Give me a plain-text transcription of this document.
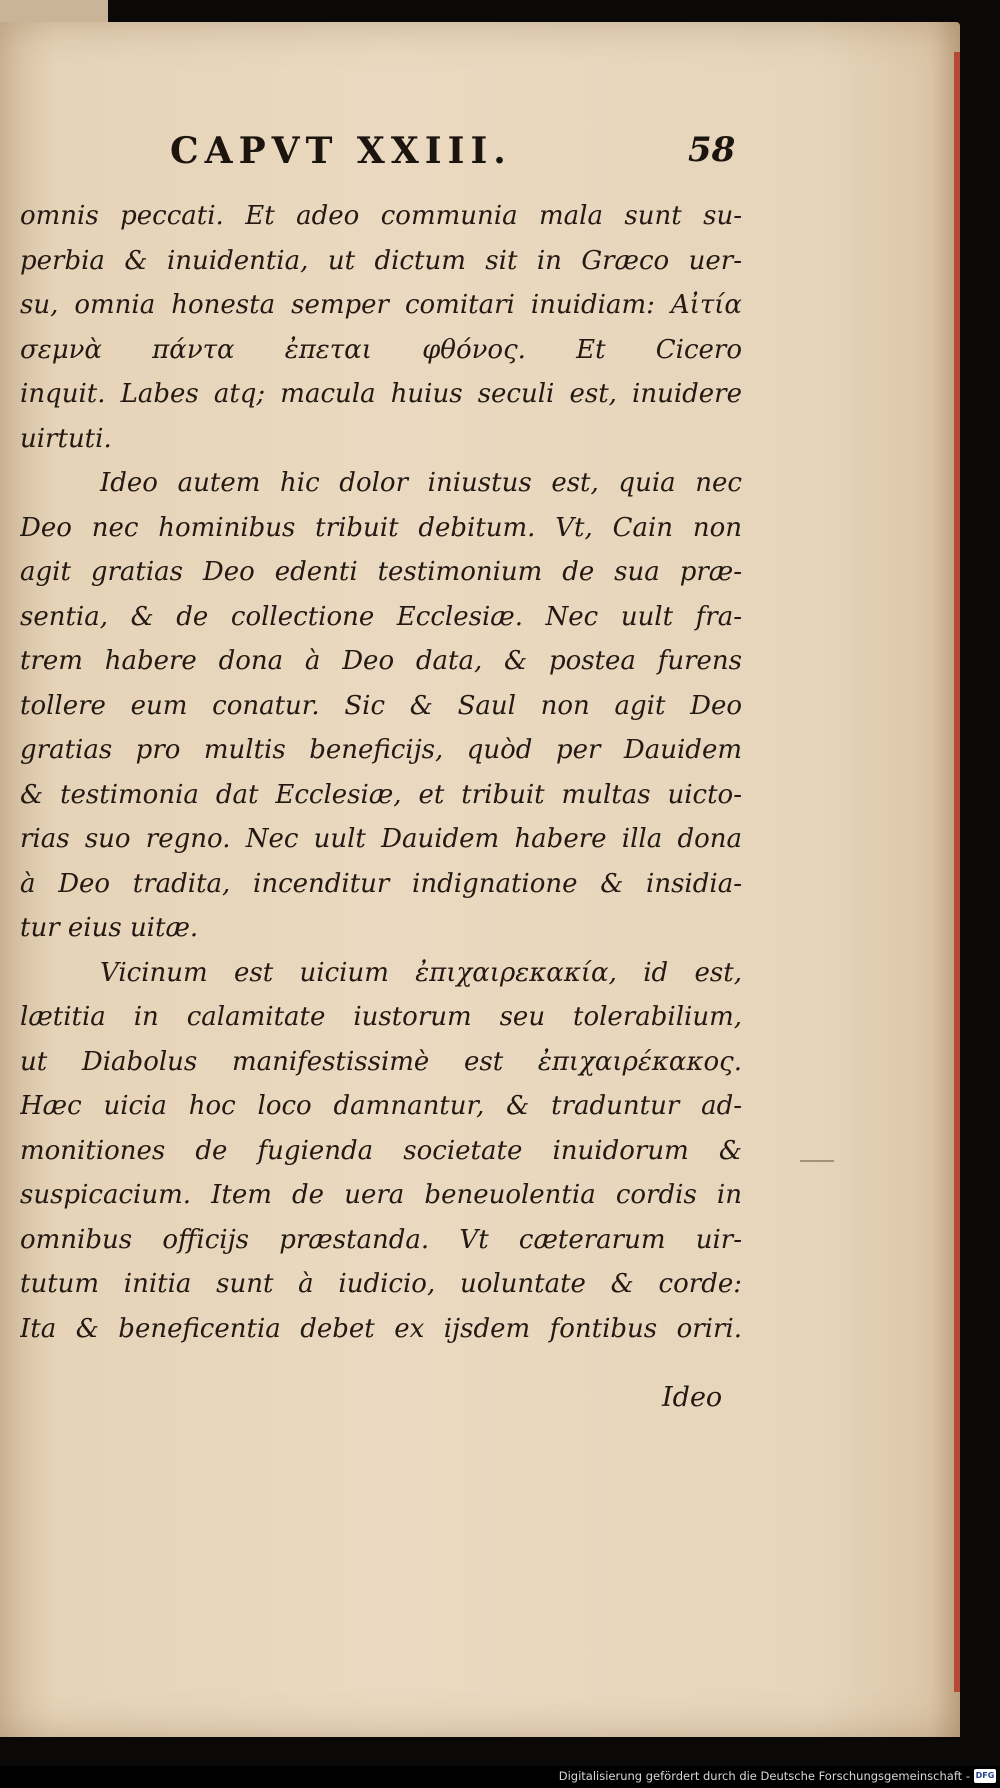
CAPVT XXIII.	58
omnis peccati. Et adeo communia mala sunt su-
perbia & inuidentia, ut dictum sit in Græco uer-
su, omnia honesta semper comitari inuidiam: Αἰτία
σεμνὰ πάντα ἐπεται φθόνος. Et Cicero
inquit. Labes atq; macula huius seculi est, inuidere
uirtuti.
Ideo autem hic dolor iniustus est, quia nec
Deo nec hominibus tribuit debitum. Vt, Cain non
agit gratias Deo edenti testimonium de sua præ-
sentia, & de collectione Ecclesiæ. Nec uult fra-
trem habere dona à Deo data, & postea furens
tollere eum conatur. Sic & Saul non agit Deo
gratias pro multis beneficijs, quòd per Dauidem
& testimonia dat Ecclesiæ, et tribuit multas uicto-
rias suo regno. Nec uult Dauidem habere illa dona
à Deo tradita, incenditur indignatione & insidia-
tur eius uitæ.
Vicinum est uicium ἐπιχαιρεκακία, id est,
lætitia in calamitate iustorum seu tolerabilium,
ut Diabolus manifestissimè est ἐπιχαιρέκακος.
Hæc uicia hoc loco damnantur, & traduntur ad-
monitiones de fugienda societate inuidorum &
suspicacium. Item de uera beneuolentia cordis in
omnibus officijs præstanda. Vt cæterarum uir-
tutum initia sunt à iudicio, uoluntate & corde:
Ita & beneficentia debet ex ijsdem fontibus oriri.
Ideo
Digitalisierung gefördert durch die Deutsche Forschungsgemeinschaft - DFG
